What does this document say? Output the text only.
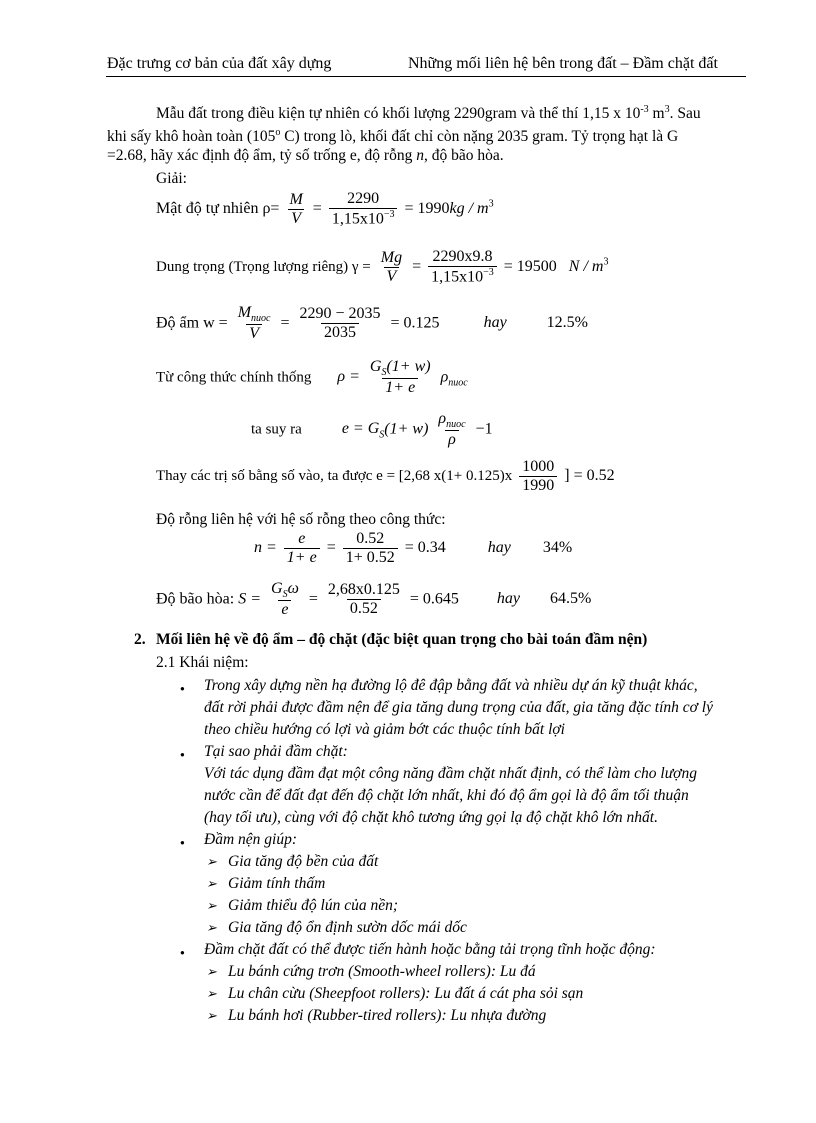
Đặc trưng cơ bản của đất xây dựng	Những mối liên hệ bên trong đất – Đầm chặt đất
Mẫu đất trong điều kiện tự nhiên có khối lượng 2290gram và thể thí 1,15 x $10^{-3}$ $m^3$. Sau
khi sấy khô hoàn toàn (105$^o$ C) trong lò, khối đất chỉ còn nặng 2035 gram. Tỷ trọng hạt là G
=2.68, hãy xác định độ ẩm, tỷ số trống e, độ rỗng n, độ bão hòa.
Giải:
Mật độ tự nhiên $\rho= \frac{M}{V} = \frac{2290}{1,15x10^{-3}} = 1990kg / m^3$
Dung trọng (Trọng lượng riêng) $\gamma = \frac{Mg}{V} = \frac{2290x9.8}{1,15x10^{-3}} = 19500$ N / $m^3$
Độ ẩm $w = \frac{M_{nuoc}}{V} = \frac{2290 - 2035}{2035} = 0.125$	hay	12.5%
Từ công thức chính thống $\rho = \frac{G_S(1+ w)}{1+ e} \rho_{nuoc}$
ta suy ra	$e = G_S(1+ w) \frac{\rho_{nuoc}}{\rho} -1$
Thay các trị số bằng số vào, ta được e = [2,68 $x(1+ 0.125)x \frac{1000}{1990}$ ] = 0.52
Độ rỗng liên hệ với hệ số rỗng theo công thức:
$n = \frac{e}{1+ e} = \frac{0.52}{1+ 0.52} = 0.34$	hay 34%
Độ bão hòa: $S = \frac{G_S\omega}{e} = \frac{2,68x0.125}{0.52} = 0.645$ hay 64.5%
2. Mối liên hệ về độ ẩm – độ chặt (đặc biệt quan trọng cho bài toán đầm nện)
2.1 Khái niệm:
● Trong xây dựng nền hạ đường lộ đê đập bằng đất và nhiều dự án kỹ thuật khác,
đất rời phải được đầm nện để gia tăng dung trọng của đất, gia tăng đặc tính cơ lý
theo chiều hướng có lợi và giảm bớt các thuộc tính bất lợi
● Tại sao phải đầm chặt:
Với tác dụng đầm đạt một công năng đầm chặt nhất định, có thể làm cho lượng
nước cần để đất đạt đến độ chặt lớn nhất, khi đó độ ẩm gọi là độ ẩm tối thuận
(hay tối ưu), cùng với độ chặt khô tương ứng gọi lạ độ chặt khô lớn nhất.
● Đầm nện giúp:
➢ Gia tăng độ bền của đất
➢ Giảm tính thấm
➢ Giảm thiểu độ lún của nền;
➢ Gia tăng độ ổn định sườn dốc mái dốc
● Đầm chặt đất có thể được tiến hành hoặc bằng tải trọng tĩnh hoặc động:
➢ Lu bánh cứng trơn (Smooth-wheel rollers): Lu đá
➢ Lu chân cừu (Sheepfoot rollers): Lu đất á cát pha sỏi sạn
➢ Lu bánh hơi (Rubber-tired rollers): Lu nhựa đường
